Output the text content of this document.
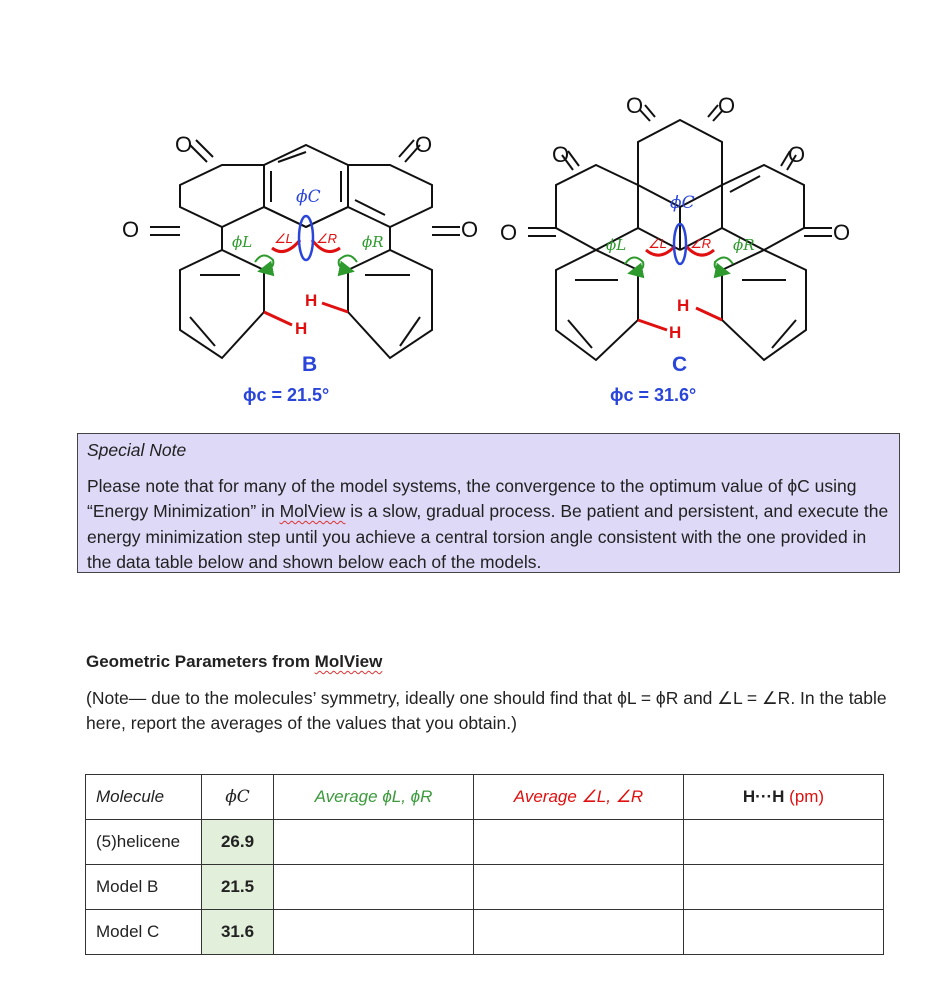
O
O	O
O
ϕC
ϕL	ϕR
∠L ∠R
H
H
B
ϕc = 21.5°
O
O
O	O
O
O
ϕC
ϕL	ϕR
∠L ∠R
H
H
C
ϕc = 31.6°
Special Note
Please note that for many of the model systems, the convergence to the optimum value of ϕC using “Energy Minimization” in MolView is a slow, gradual process. Be patient and persistent, and execute the energy minimization step until you achieve a central torsion angle consistent with the one provided in the data table below and shown below each of the models.
Geometric Parameters from MolView
(Note— due to the molecules’ symmetry, ideally one should find that ϕL = ϕR and ∠L = ∠R. In the table here, report the averages of the values that you obtain.)
Molecule	ϕC	Average ϕL, ϕR	Average ∠L, ∠R	H···H (pm)
(5)helicene	26.9			
Model B	21.5			
Model C	31.6			
